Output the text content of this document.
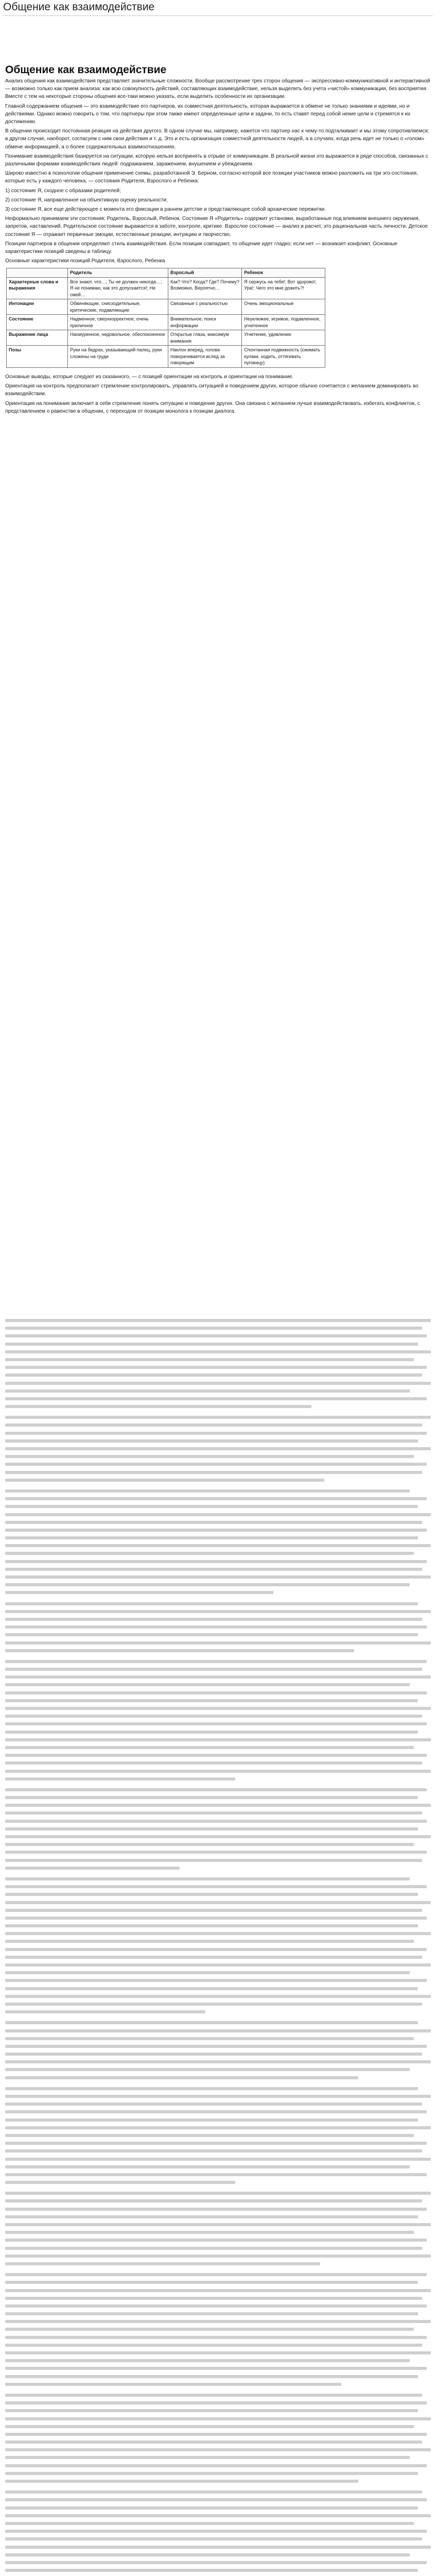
Общение как взаимодействие
Общение как взаимодействие

Анализ общения как взаимодействия представляет значительные сложности. Вообще рассмотрение трех сторон общения — экспрессивно-коммуникативной и интерактивной — возможно только как прием анализа: как всю совокупность действий, составляющих взаимодействие, нельзя выделить без учета «чистой» коммуникации, без восприятия. Вместе с тем на некоторые стороны общения все-таки можно указать, если выделить особенности их организации.

Главной содержанием общения — это взаимодействие его партнеров, их совместная деятельность, которая выражается в обмене не только знаниями и идеями, но и действиями. Однако можно говорить о том, что партнеры при этом также имеют определенные цели и задачи, то есть ставят перед собой некие цели и стремятся к их достижению.

В общении происходит постоянная реакция на действия другого. В одном случае мы, например, кажется что партнер нас к чему-то подталкивает и мы этому сопротивляемся; в другом случае, наоборот, согласуем с ним свои действия и т. д. Это и есть организация совместной деятельности людей, а в случаях, когда речь идет не только о «голом» обмене информацией, а о более содержательных взаимоотношениях.

Понимание взаимодействия базируется на ситуации, которую нельзя воспринять в отрыве от коммуникации. В реальной жизни это выражается в ряде способов, связанных с различными формами взаимодействия людей: подражанием, заражением, внушением и убеждением.

Широко известно в психологии общения применение схемы, разработанной Э. Берном, согласно которой все позиции участников можно разложить на три эго-состояния, которые есть у каждого человека, — состояния Родителя, Взрослого и Ребенка.

1) состояние Я, сходное с образами родителей;

2) состояние Я, направленное на объективную оценку реальности;

3) состояние Я, все еще действующее с момента его фиксации в раннем детстве и представляющее собой архаические пережитки.

Неформально принимаем эти состояния: Родитель, Взрослый, Ребенок. Состояние Я «Родитель» содержит установки, выработанные под влиянием внешнего окружения, запретов, наставлений. Родительское состояние выражается в заботе, контроле, критике. Взрослое состояние — анализ и расчет, это рациональная часть личности. Детское состояние Я — отражает первичные эмоции, естественные реакции, интуицию и творчество.

Позиции партнеров в общении определяют стиль взаимодействия. Если позиции совпадают, то общение идет гладко; если нет — возникает конфликт. Основные характеристики позиций сведены в таблицу.

Основные характеристики позиций Родителя, Взрослого, Ребенка

	Родитель	Взрослый	Ребенок
Характерные слова и выражения	Все знают, что…; Ты не должен никогда…; Я не понимаю, как это допускается!; Не смей…	Как? Что? Когда? Где? Почему? Возможно, Вероятно…	Я сержусь на тебя!; Вот здорово!; Ура!; Чего это мне дожить?!
Интонации	Обвиняющие, снисходительные, критические, подавляющие	Связанные с реальностью	Очень эмоциональные
Состояние	Надменное, сверхкорректное, очень приличное	Внимательное, поиск информации	Неуклюжее, игривое, подавленное, угнетенное
Выражение лица	Нахмуренное, недовольное, обеспокоенное	Открытые глаза, максимум внимания	Угнетение, удивление
Позы	Руки на бедрах, указывающий палец, руки сложены на груди	Наклон вперед, голова поворачивается вслед за говорящим	Спонтанная подвижность (сжимать кулаки, ходить, оттягивать пуговицу)

Основные выводы, которые следуют из сказанного, — с позиций ориентации на контроль и ориентации на понимание.

Ориентация на контроль предполагает стремление контролировать, управлять ситуацией и поведением других, которое обычно сочетается с желанием доминировать во взаимодействии.

Ориентация на понимание включает в себя стремление понять ситуацию и поведение других. Она связана с желанием лучше взаимодействовать, избегать конфликтов, с представлением о равенстве в общении, с переходом от позиции монолога к позиции диалога.
